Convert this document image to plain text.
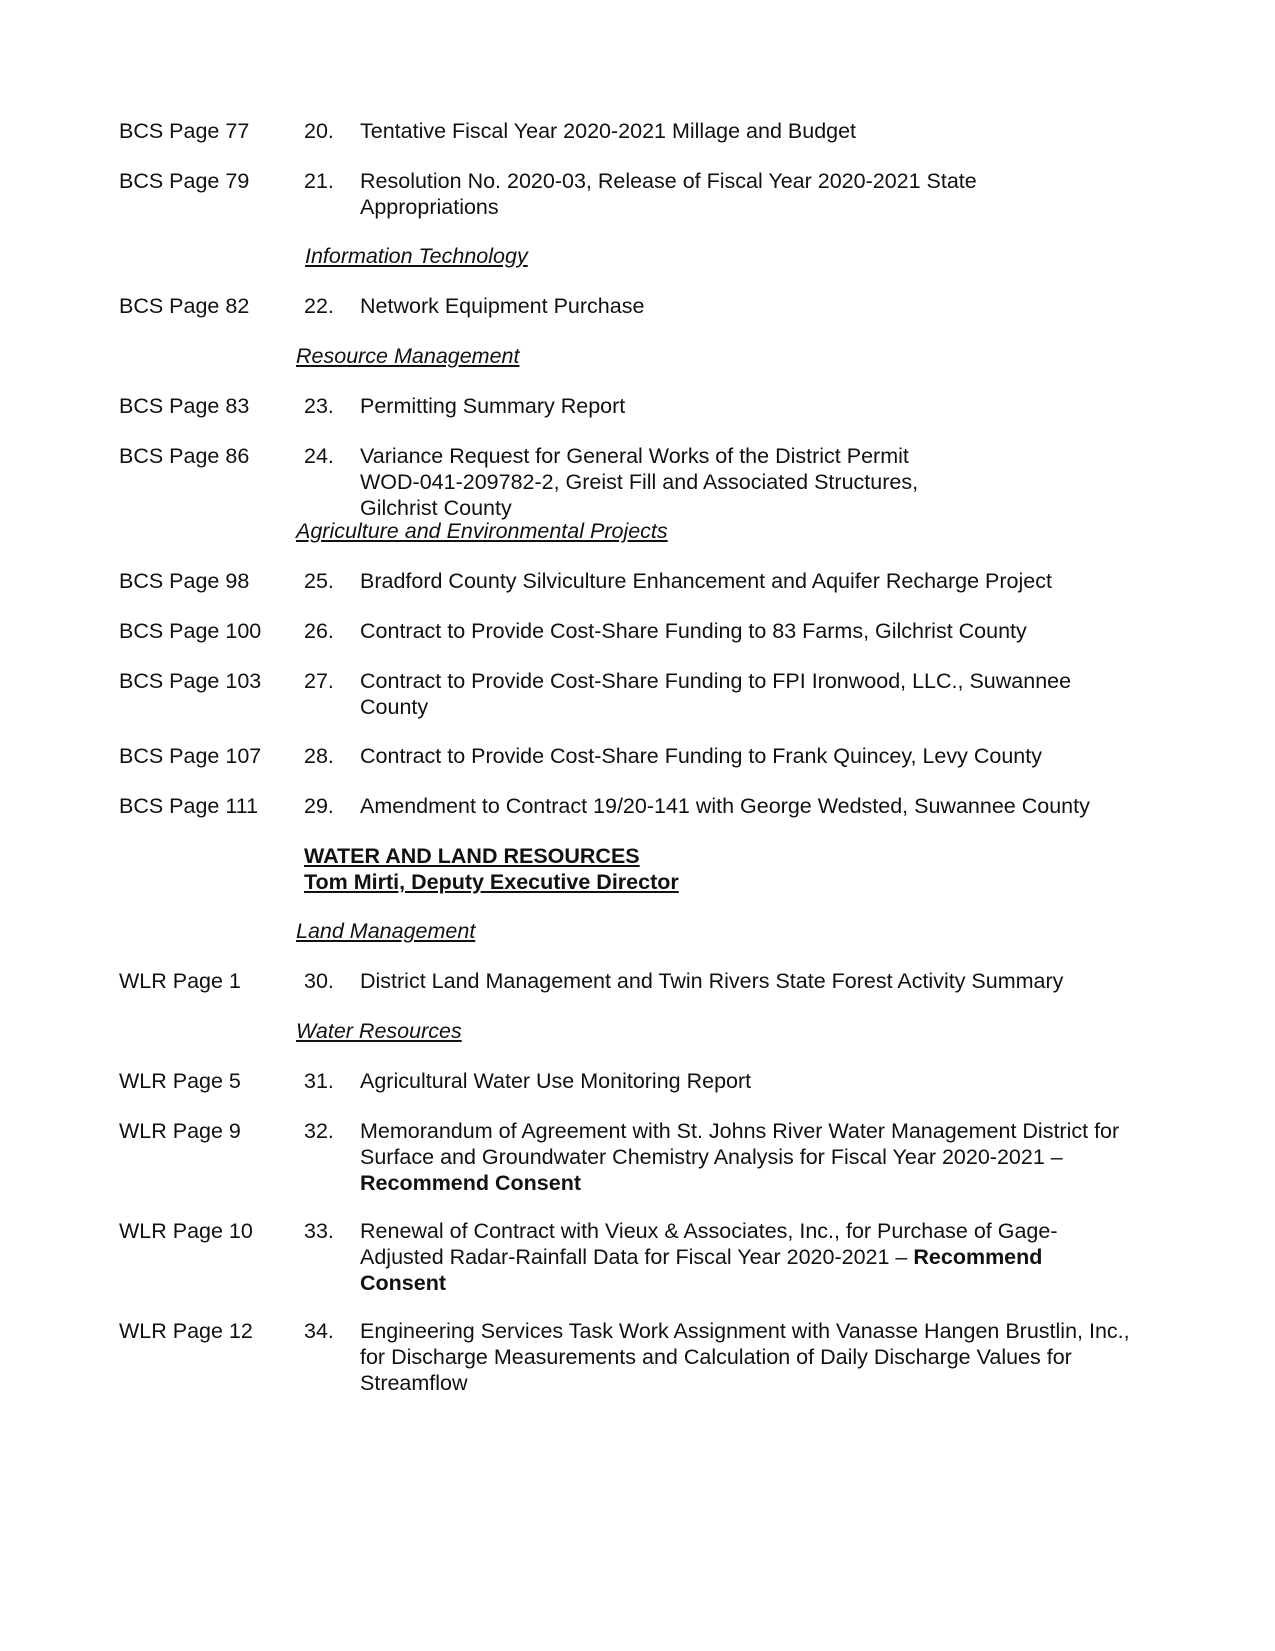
BCS Page 77	20. Tentative Fiscal Year 2020-2021 Millage and Budget
BCS Page 79	21. Resolution No. 2020-03, Release of Fiscal Year 2020-2021 State Appropriations
Information Technology
BCS Page 82	22. Network Equipment Purchase
Resource Management
BCS Page 83	23. Permitting Summary Report
BCS Page 86	24. Variance Request for General Works of the District Permit WOD-041-209782-2, Greist Fill and Associated Structures, Gilchrist County
Agriculture and Environmental Projects
BCS Page 98	25. Bradford County Silviculture Enhancement and Aquifer Recharge Project
BCS Page 100 26. Contract to Provide Cost-Share Funding to 83 Farms, Gilchrist County
BCS Page 103 27. Contract to Provide Cost-Share Funding to FPI Ironwood, LLC., Suwannee County
BCS Page 107 28. Contract to Provide Cost-Share Funding to Frank Quincey, Levy County
BCS Page 111 29. Amendment to Contract 19/20-141 with George Wedsted, Suwannee County
WATER AND LAND RESOURCES
Tom Mirti, Deputy Executive Director
Land Management
WLR Page 1	30. District Land Management and Twin Rivers State Forest Activity Summary
Water Resources
WLR Page 5	31. Agricultural Water Use Monitoring Report
WLR Page 9	32. Memorandum of Agreement with St. Johns River Water Management District for Surface and Groundwater Chemistry Analysis for Fiscal Year 2020-2021 –
Recommend Consent
WLR Page 10 33. Renewal of Contract with Vieux & Associates, Inc., for Purchase of Gage-Adjusted Radar-Rainfall Data for Fiscal Year 2020-2021 – Recommend Consent
WLR Page 12 34. Engineering Services Task Work Assignment with Vanasse Hangen Brustlin, Inc., for Discharge Measurements and Calculation of Daily Discharge Values for Streamflow
